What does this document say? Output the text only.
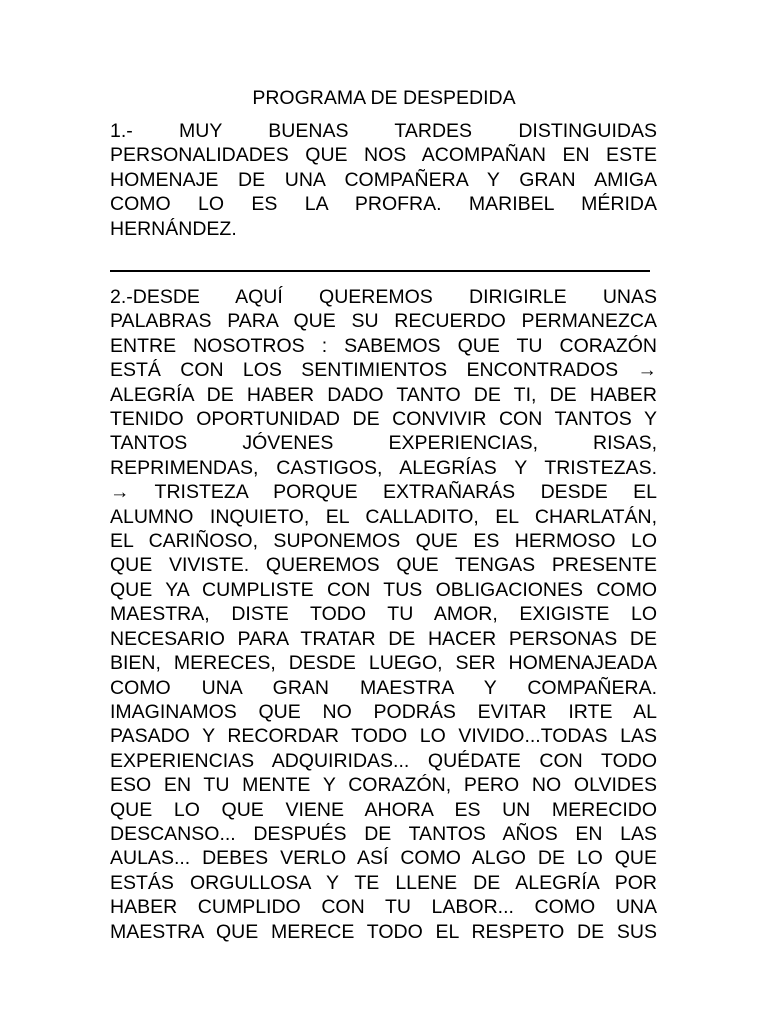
PROGRAMA DE DESPEDIDA
1.- MUY BUENAS TARDES DISTINGUIDAS
PERSONALIDADES QUE NOS ACOMPAÑAN EN ESTE
HOMENAJE DE UNA COMPAÑERA Y GRAN AMIGA
COMO LO ES LA PROFRA. MARIBEL MÉRIDA
HERNÁNDEZ.
2.-DESDE AQUÍ QUEREMOS DIRIGIRLE UNAS
PALABRAS PARA QUE SU RECUERDO PERMANEZCA
ENTRE NOSOTROS : SABEMOS QUE TU CORAZÓN
ESTÁ CON LOS SENTIMIENTOS ENCONTRADOS →
ALEGRÍA DE HABER DADO TANTO DE TI, DE HABER
TENIDO OPORTUNIDAD DE CONVIVIR CON TANTOS Y
TANTOS JÓVENES EXPERIENCIAS, RISAS,
REPRIMENDAS, CASTIGOS, ALEGRÍAS Y TRISTEZAS.
→ TRISTEZA PORQUE EXTRAÑARÁS DESDE EL
ALUMNO INQUIETO, EL CALLADITO, EL CHARLATÁN,
EL CARIÑOSO, SUPONEMOS QUE ES HERMOSO LO
QUE VIVISTE. QUEREMOS QUE TENGAS PRESENTE
QUE YA CUMPLISTE CON TUS OBLIGACIONES COMO
MAESTRA, DISTE TODO TU AMOR, EXIGISTE LO
NECESARIO PARA TRATAR DE HACER PERSONAS DE
BIEN, MERECES, DESDE LUEGO, SER HOMENAJEADA
COMO UNA GRAN MAESTRA Y COMPAÑERA.
IMAGINAMOS QUE NO PODRÁS EVITAR IRTE AL
PASADO Y RECORDAR TODO LO VIVIDO...TODAS LAS
EXPERIENCIAS ADQUIRIDAS... QUÉDATE CON TODO
ESO EN TU MENTE Y CORAZÓN, PERO NO OLVIDES
QUE LO QUE VIENE AHORA ES UN MERECIDO
DESCANSO... DESPUÉS DE TANTOS AÑOS EN LAS
AULAS... DEBES VERLO ASÍ COMO ALGO DE LO QUE
ESTÁS ORGULLOSA Y TE LLENE DE ALEGRÍA POR
HABER CUMPLIDO CON TU LABOR... COMO UNA
MAESTRA QUE MERECE TODO EL RESPETO DE SUS
